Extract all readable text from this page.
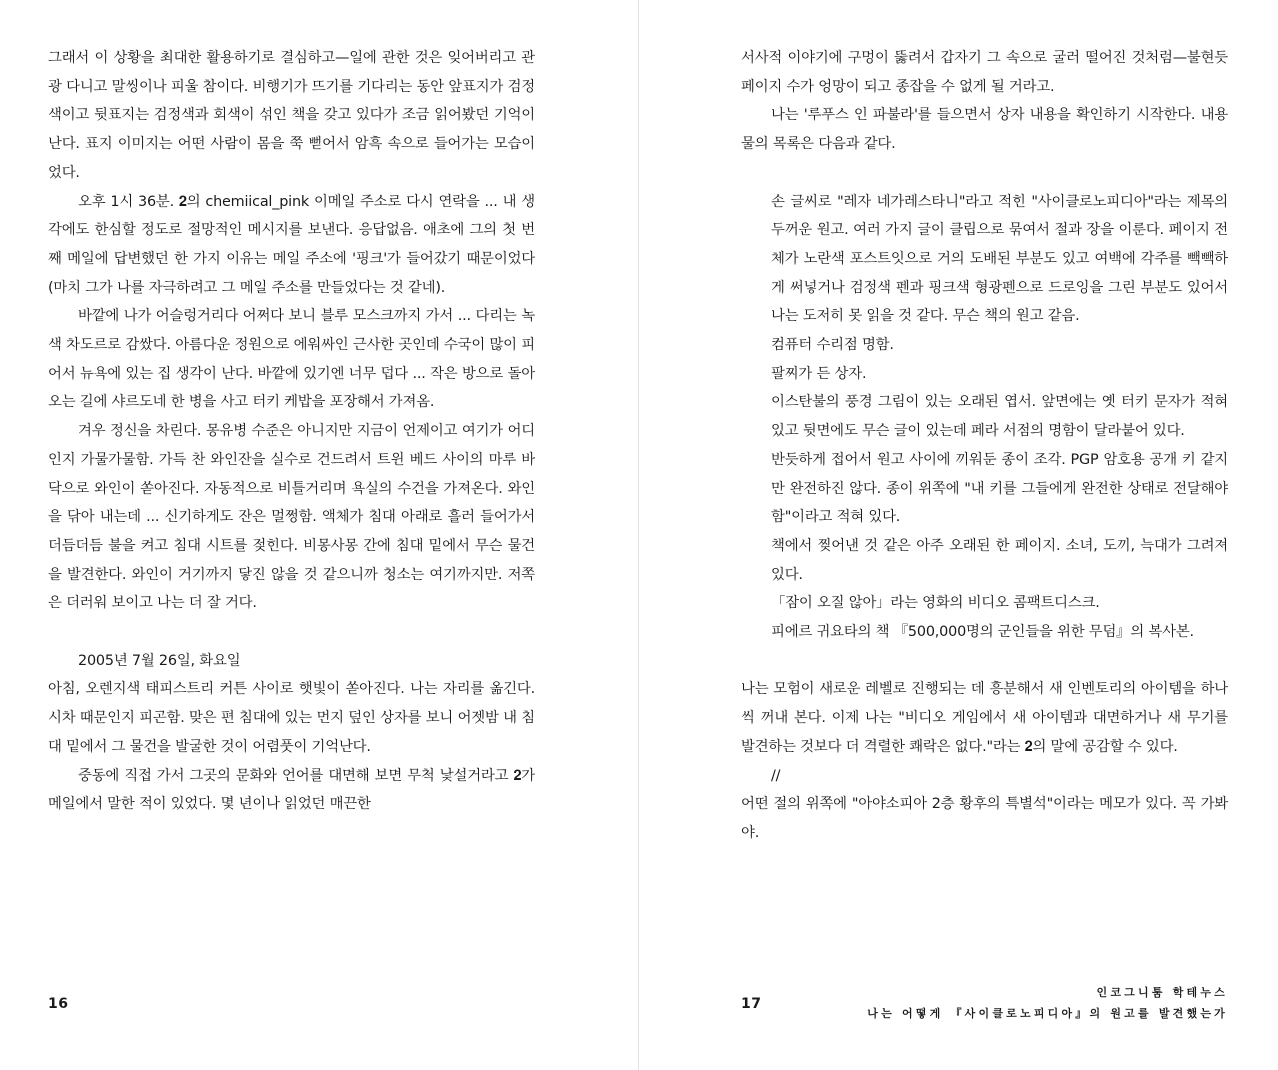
그래서 이 상황을 최대한 활용하기로 결심하고—일에 관한 것은 잊어버리고 관광 다니고 말씽이나 피울 참이다. 비행기가 뜨기를 기다리는 동안 앞표지가 검정색이고 뒷표지는 검정색과 회색이 섞인 책을 갖고 있다가 조금 읽어봤던 기억이 난다. 표지 이미지는 어떤 사람이 몸을 쭉 뻗어서 암흑 속으로 들어가는 모습이었다.

오후 1시 36분. 𝟐의 chemiical_pink 이메일 주소로 다시 연락을 ... 내 생각에도 한심할 정도로 절망적인 메시지를 보낸다. 응답없음. 애초에 그의 첫 번째 메일에 답변했던 한 가지 이유는 메일 주소에 '핑크'가 들어갔기 때문이었다(마치 그가 나를 자극하려고 그 메일 주소를 만들었다는 것 같네).

바깥에 나가 어슬렁거리다 어쩌다 보니 블루 모스크까지 가서 ... 다리는 녹색 차도르로 감쌌다. 아름다운 정원으로 에워싸인 근사한 곳인데 수국이 많이 피어서 뉴욕에 있는 집 생각이 난다. 바깥에 있기엔 너무 덥다 ... 작은 방으로 돌아오는 길에 샤르도네 한 병을 사고 터키 케밥을 포장해서 가져옴.

겨우 정신을 차린다. 몽유병 수준은 아니지만 지금이 언제이고 여기가 어디인지 가물가물함. 가득 찬 와인잔을 실수로 건드려서 트윈 베드 사이의 마루 바닥으로 와인이 쏟아진다. 자동적으로 비틀거리며 욕실의 수건을 가져온다. 와인을 닦아 내는데 ... 신기하게도 잔은 멀쩡함. 액체가 침대 아래로 흘러 들어가서 더듬더듬 불을 켜고 침대 시트를 젖힌다. 비몽사몽 간에 침대 밑에서 무슨 물건을 발견한다. 와인이 거기까지 닿진 않을 것 같으니까 청소는 여기까지만. 저쪽은 더러워 보이고 나는 더 잘 거다.

2005년 7월 26일, 화요일

아침, 오렌지색 태피스트리 커튼 사이로 햇빛이 쏟아진다. 나는 자리를 옮긴다. 시차 때문인지 피곤함. 맞은 편 침대에 있는 먼지 덮인 상자를 보니 어젯밤 내 침대 밑에서 그 물건을 발굴한 것이 어렴풋이 기억난다.

중동에 직접 가서 그곳의 문화와 언어를 대면해 보면 무척 낯설거라고 𝟐가 메일에서 말한 적이 있었다. 몇 년이나 읽었던 매끈한

16

서사적 이야기에 구멍이 뚫려서 갑자기 그 속으로 굴러 떨어진 것처럼—불현듯 페이지 수가 엉망이 되고 종잡을 수 없게 될 거라고.

나는 '루푸스 인 파불라'를 들으면서 상자 내용을 확인하기 시작한다. 내용물의 목록은 다음과 같다.

손 글씨로 "레자 네가레스타니"라고 적힌 "사이클로노피디아"라는 제목의 두꺼운 원고. 여러 가지 글이 클립으로 묶여서 절과 장을 이룬다. 페이지 전체가 노란색 포스트잇으로 거의 도배된 부분도 있고 여백에 각주를 빽빽하게 써넣거나 검정색 펜과 핑크색 형광펜으로 드로잉을 그린 부분도 있어서 나는 도저히 못 읽을 것 같다. 무슨 책의 원고 같음.

컴퓨터 수리점 명함.

팔찌가 든 상자.

이스탄불의 풍경 그림이 있는 오래된 엽서. 앞면에는 옛 터키 문자가 적혀 있고 뒷면에도 무슨 글이 있는데 페라 서점의 명함이 달라붙어 있다.

반듯하게 접어서 원고 사이에 끼워둔 종이 조각. PGP 암호용 공개 키 같지만 완전하진 않다. 종이 위쪽에 "내 키를 그들에게 완전한 상태로 전달해야 함"이라고 적혀 있다.

책에서 찢어낸 것 같은 아주 오래된 한 페이지. 소녀, 도끼, 늑대가 그려져 있다.

「잠이 오질 않아」라는 영화의 비디오 콤팩트디스크.

피에르 귀요타의 책 『500,000명의 군인들을 위한 무덤』의 복사본.

나는 모험이 새로운 레벨로 진행되는 데 흥분해서 새 인벤토리의 아이템을 하나씩 꺼내 본다. 이제 나는 "비디오 게임에서 새 아이템과 대면하거나 새 무기를 발견하는 것보다 더 격렬한 쾌락은 없다."라는 𝟐의 말에 공감할 수 있다.

//

어떤 절의 위쪽에 "아야소피아 2층 황후의 특별석"이라는 메모가 있다. 꼭 가봐야.

17
인코그니툼 학테누스
나는 어떻게 『사이클로노피디아』의 원고를 발견했는가
